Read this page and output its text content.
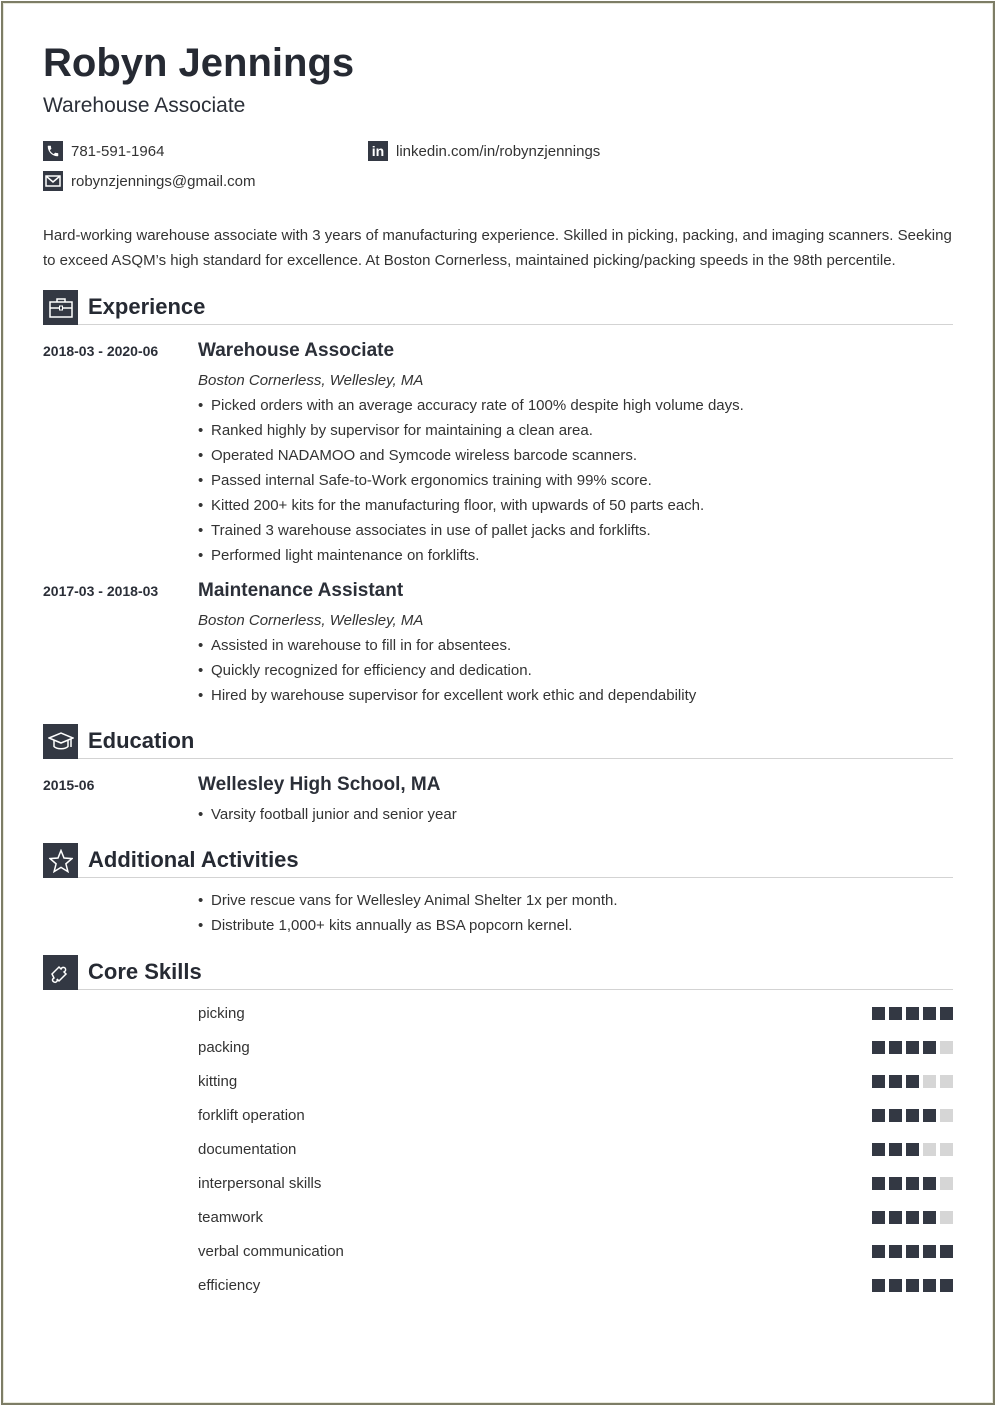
Robyn Jennings
Warehouse Associate
781-591-1964
robynzjennings@gmail.com
in linkedin.com/in/robynzjennings
Hard-working warehouse associate with 3 years of manufacturing experience. Skilled in picking, packing, and imaging scanners. Seeking to exceed ASQM’s high standard for excellence. At Boston Cornerless, maintained picking/packing speeds in the 98th percentile.
Experience
2018-03 - 2020-06	Warehouse Associate
Boston Cornerless, Wellesley, MA
• Picked orders with an average accuracy rate of 100% despite high volume days.
• Ranked highly by supervisor for maintaining a clean area.
• Operated NADAMOO and Symcode wireless barcode scanners.
• Passed internal Safe-to-Work ergonomics training with 99% score.
• Kitted 200+ kits for the manufacturing floor, with upwards of 50 parts each.
• Trained 3 warehouse associates in use of pallet jacks and forklifts.
• Performed light maintenance on forklifts.
2017-03 - 2018-03	Maintenance Assistant
Boston Cornerless, Wellesley, MA
• Assisted in warehouse to fill in for absentees.
• Quickly recognized for efficiency and dedication.
• Hired by warehouse supervisor for excellent work ethic and dependability
Education
2015-06	Wellesley High School, MA
• Varsity football junior and senior year
Additional Activities
• Drive rescue vans for Wellesley Animal Shelter 1x per month.
• Distribute 1,000+ kits annually as BSA popcorn kernel.
Core Skills
picking
packing
kitting
forklift operation
documentation
interpersonal skills
teamwork
verbal communication
efficiency
